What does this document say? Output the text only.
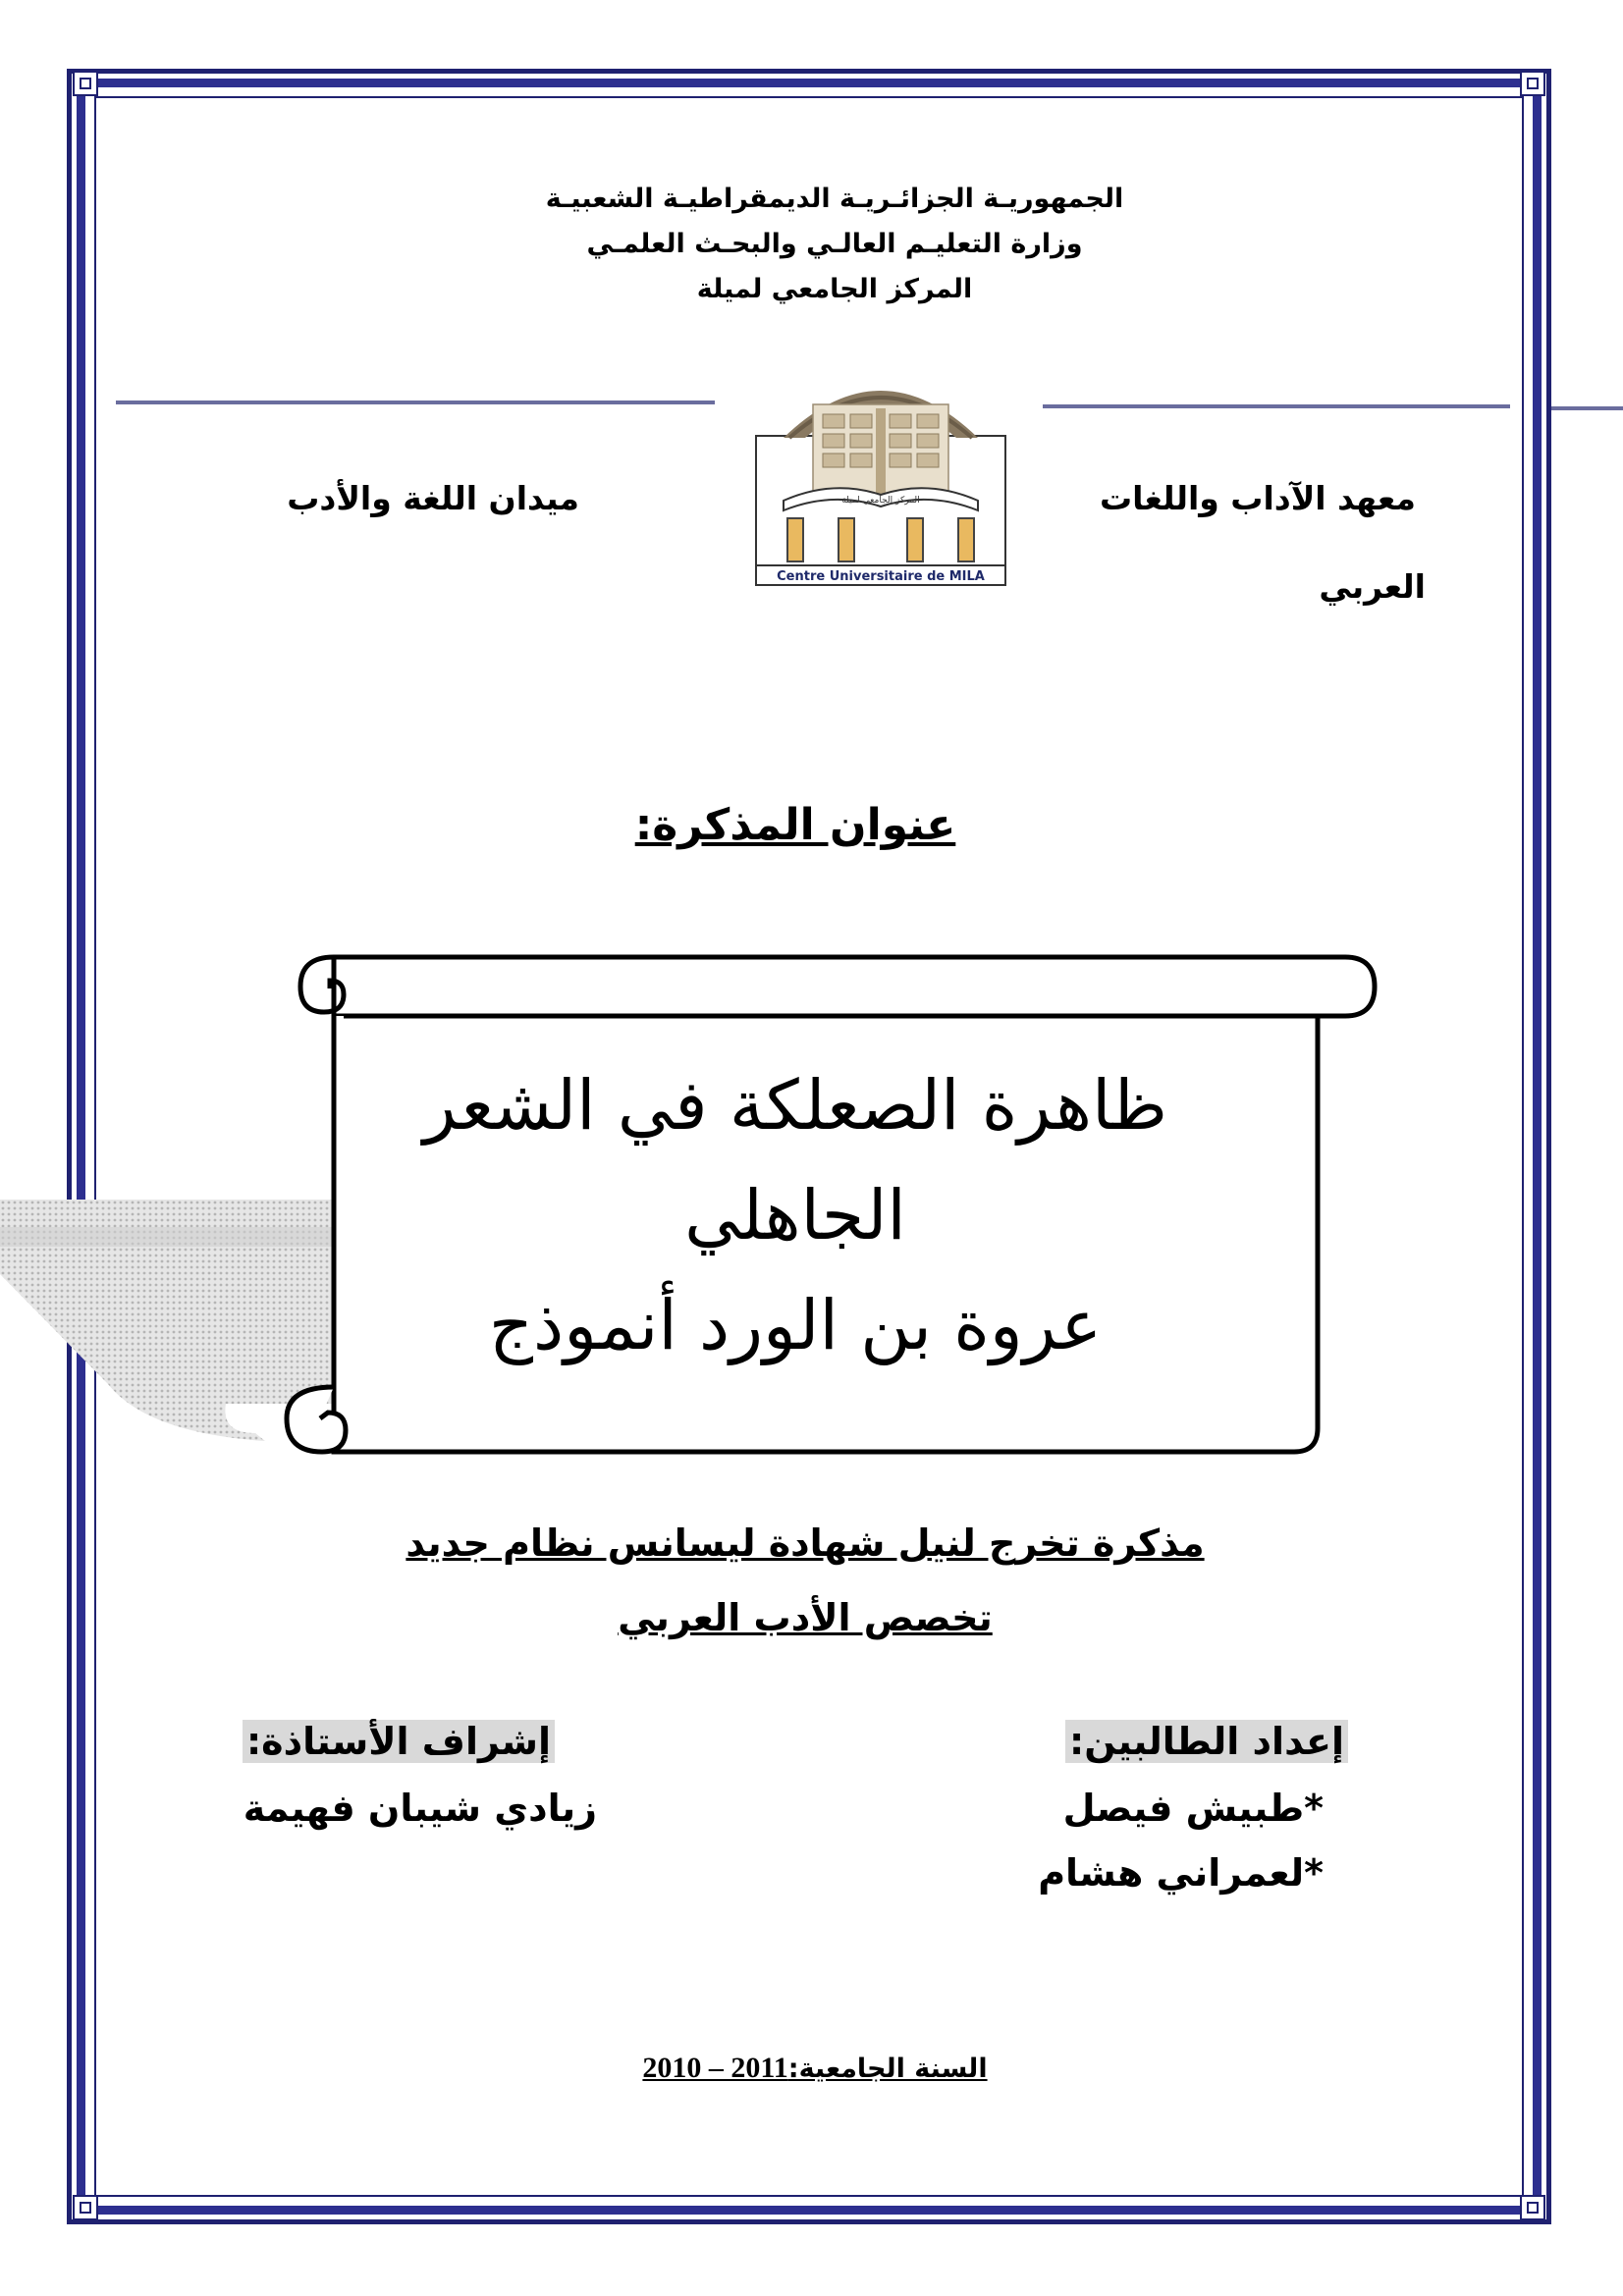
الجمهوريـة الجزائـريـة الديمقراطيـة الشعبيـة
وزارة التعليـم العالـي والبحـث العلمـي
المركز الجامعي لميلة
المركز الجامعي لميلة
Centre Universitaire de MILA
معهد الآداب واللغات
العربي
ميدان اللغة والأدب
عنوان المذكرة:
ظاهرة الصعلكة في الشعر
الجاهلي
عروة بن الورد أنموذج
مذكرة تخرج لنيل شهادة ليسانس نظام جديد
تخصص الأدب العربي
إعداد الطالبين:
*طبيش فيصل
*لعمراني هشام
إشراف الأستاذة:
زيادي شيبان فهيمة
السنة الجامعية:2010 – 2011
